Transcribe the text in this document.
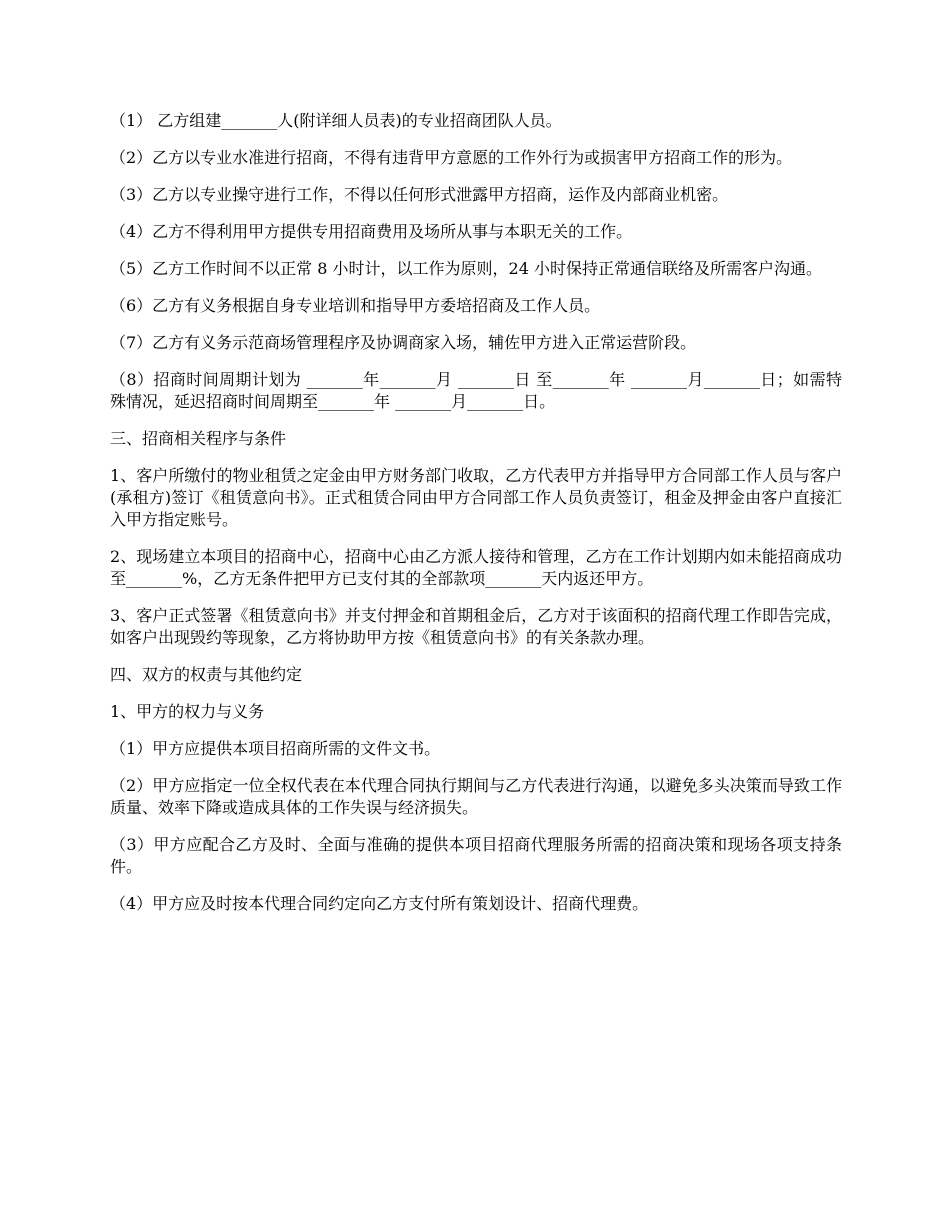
（1） 乙方组建_______人(附详细人员表)的专业招商团队人员。

（2）乙方以专业水准进行招商，不得有违背甲方意愿的工作外行为或损害甲方招商工作的形为。

（3）乙方以专业操守进行工作，不得以任何形式泄露甲方招商，运作及内部商业机密。

（4）乙方不得利用甲方提供专用招商费用及场所从事与本职无关的工作。

（5）乙方工作时间不以正常 8 小时计，以工作为原则，24 小时保持正常通信联络及所需客户沟通。

（6）乙方有义务根据自身专业培训和指导甲方委培招商及工作人员。

（7）乙方有义务示范商场管理程序及协调商家入场，辅佐甲方进入正常运营阶段。

（8）招商时间周期计划为 _______年_______月 _______日 至_______年 _______月_______日；如需特殊情况，延迟招商时间周期至_______年 _______月_______日。

三、招商相关程序与条件

1、客户所缴付的物业租赁之定金由甲方财务部门收取，乙方代表甲方并指导甲方合同部工作人员与客户(承租方)签订《租赁意向书》。正式租赁合同由甲方合同部工作人员负责签订，租金及押金由客户直接汇入甲方指定账号。

2、现场建立本项目的招商中心，招商中心由乙方派人接待和管理，乙方在工作计划期内如未能招商成功至_______%，乙方无条件把甲方已支付其的全部款项_______天内返还甲方。

3、客户正式签署《租赁意向书》并支付押金和首期租金后，乙方对于该面积的招商代理工作即告完成，如客户出现毁约等现象，乙方将协助甲方按《租赁意向书》的有关条款办理。

四、双方的权责与其他约定

1、甲方的权力与义务

（1）甲方应提供本项目招商所需的文件文书。

（2）甲方应指定一位全权代表在本代理合同执行期间与乙方代表进行沟通，以避免多头决策而导致工作质量、效率下降或造成具体的工作失误与经济损失。

（3）甲方应配合乙方及时、全面与准确的提供本项目招商代理服务所需的招商决策和现场各项支持条件。

（4）甲方应及时按本代理合同约定向乙方支付所有策划设计、招商代理费。
